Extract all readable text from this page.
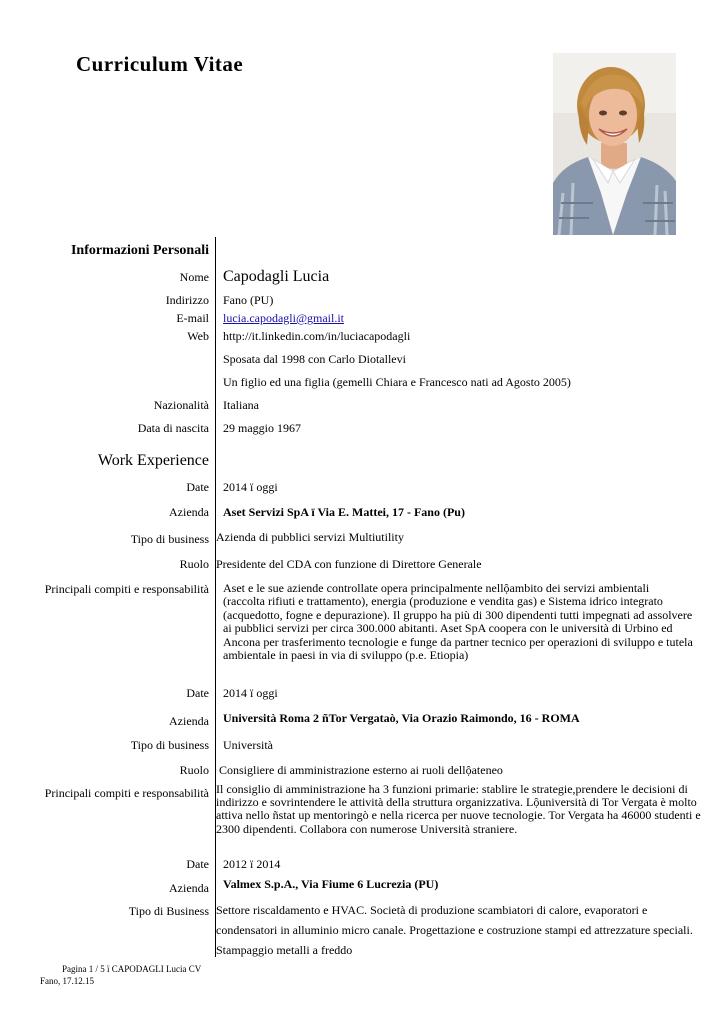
Curriculum Vitae
Informazioni Personali
Nome Capodagli Lucia
Indirizzo Fano (PU)
E-mail lucia.capodagli@gmail.it
Web http://it.linkedin.com/in/luciacapodagli
Sposata dal 1998 con Carlo Diotallevi
Un figlio ed una figlia (gemelli Chiara e Francesco nati ad Agosto 2005)
Nazionalità Italiana
Data di nascita 29 maggio 1967
Work Experience
Date 2014 ï oggi
Azienda Aset Servizi SpA ï Via E. Mattei, 17 - Fano (Pu)
Tipo di business Azienda di pubblici servizi Multiutility
Ruolo Presidente del CDA con funzione di Direttore Generale
Principali compiti e responsabilità Aset e le sue aziende controllate opera principalmente nellộambito dei servizi ambientali (raccolta rifiuti e trattamento), energia (produzione e vendita gas) e Sistema idrico integrato (acquedotto, fogne e depurazione). Il gruppo ha più di 300 dipendenti tutti impegnati ad assolvere ai pubblici servizi per circa 300.000 abitanti. Aset SpA coopera con le università di Urbino ed Ancona per trasferimento tecnologie e funge da partner tecnico per operazioni di sviluppo e tutela ambientale in paesi in via di sviluppo (p.e. Etiopia)
Date 2014 ï oggi
Azienda Università Roma 2 ñTor Vergataò, Via Orazio Raimondo, 16 - ROMA
Tipo di business Università
Ruolo Consigliere di amministrazione esterno ai ruoli dellộateneo
Principali compiti e responsabilità Il consiglio di amministrazione ha 3 funzioni primarie: stablire le strategie,prendere le decisioni di indirizzo e sovrintendere le attività della struttura organizzativa. Lộuniversità di Tor Vergata è molto attiva nello ñstat up mentoringò e nella ricerca per nuove tecnologie. Tor Vergata ha 46000 studenti e 2300 dipendenti. Collabora con numerose Università straniere.
Date 2012 ï 2014
Azienda Valmex S.p.A., Via Fiume 6 Lucrezia (PU)
Tipo di Business Settore riscaldamento e HVAC. Società di produzione scambiatori di calore, evaporatori e condensatori in alluminio micro canale. Progettazione e costruzione stampi ed attrezzature speciali. Stampaggio metalli a freddo
Pagina 1 / 5 ï CAPODAGLI Lucia CV
Fano, 17.12.15
